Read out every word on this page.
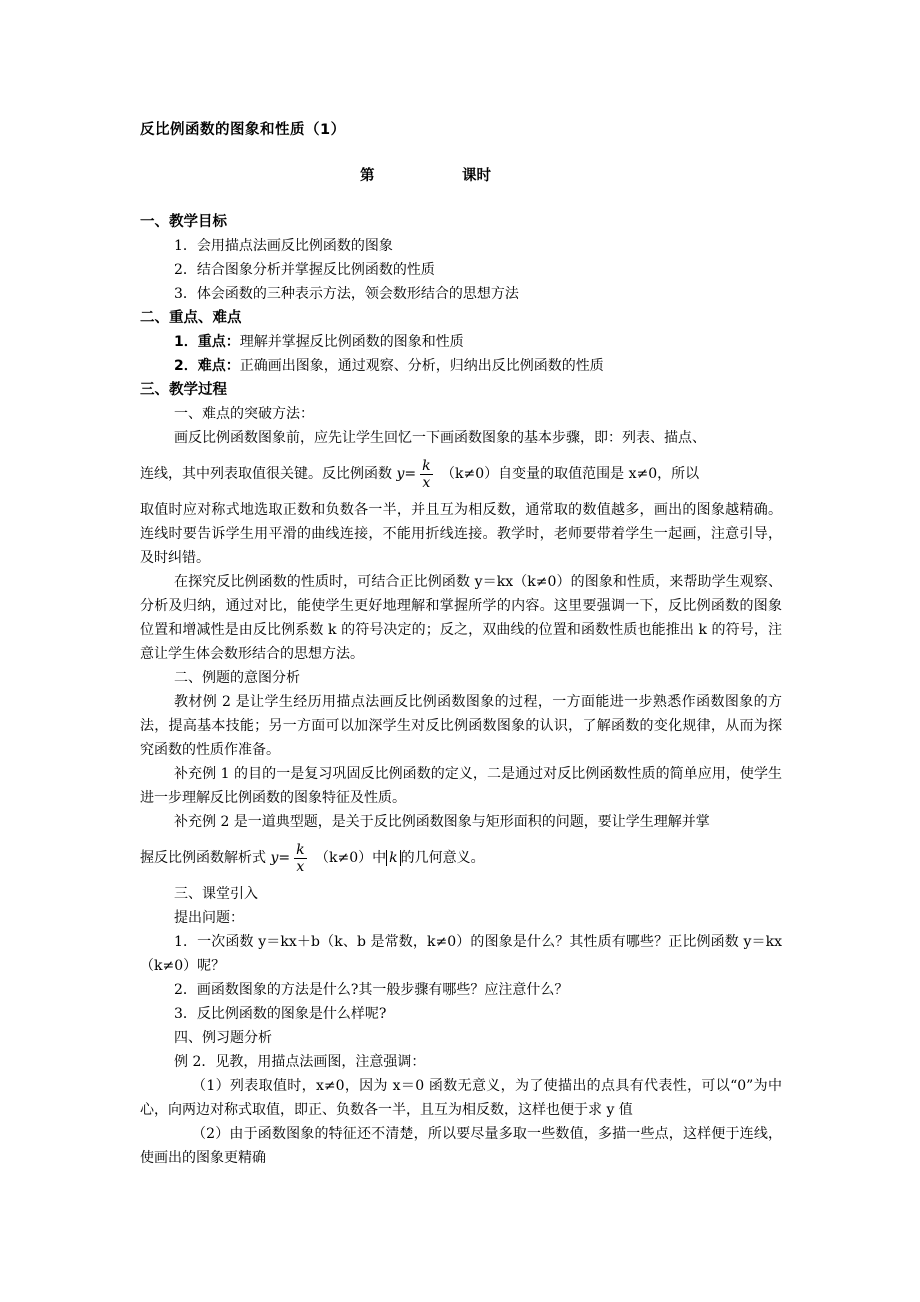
反比例函数的图象和性质（1）
第	课时
一、教学目标
1．会用描点法画反比例函数的图象
2．结合图象分析并掌握反比例函数的性质
3．体会函数的三种表示方法，领会数形结合的思想方法
二、重点、难点
1．重点：理解并掌握反比例函数的图象和性质
2．难点：正确画出图象，通过观察、分析，归纳出反比例函数的性质
三、教学过程
一、难点的突破方法：
画反比例函数图象前，应先让学生回忆一下画函数图象的基本步骤，即：列表、描点、
连线，其中列表取值很关键。反比例函数 $y= \frac{k}{x} (k\ne 0)$自变量的取值范围是 x≠0，所以

取值时应对称式地选取正数和负数各一半，并且互为相反数，通常取的数值越多，画出的图象越精确。连线时要告诉学生用平滑的曲线连接，不能用折线连接。教学时，老师要带着学生一起画，注意引导，及时纠错。

在探究反比例函数的性质时，可结合正比例函数 y＝kx（k≠0）的图象和性质，来帮助学生观察、分析及归纳，通过对比，能使学生更好地理解和掌握所学的内容。这里要强调一下，反比例函数的图象位置和增减性是由反比例系数 k 的符号决定的；反之，双曲线的位置和函数性质也能推出 k 的符号，注意让学生体会数形结合的思想方法。

二、例题的意图分析

教材例 2 是让学生经历用描点法画反比例函数图象的过程，一方面能进一步熟悉作函数图象的方法，提高基本技能；另一方面可以加深学生对反比例函数图象的认识，了解函数的变化规律，从而为探究函数的性质作准备。

补充例 1 的目的一是复习巩固反比例函数的定义，二是通过对反比例函数性质的简单应用，使学生进一步理解反比例函数的图象特征及性质。

补充例 2 是一道典型题，是关于反比例函数图象与矩形面积的问题，要让学生理解并掌
握反比例函数解析式 $y= \frac{k}{x} (k\ne 0)$中 k 的几何意义。
三、课堂引入
提出问题：

1．一次函数 y＝kx＋b（k、b 是常数，k≠0）的图象是什么？其性质有哪些？正比例函数 y＝kx（k≠0）呢？

2．画函数图象的方法是什么?其一般步骤有哪些？应注意什么？
3．反比例函数的图象是什么样呢?
四、例习题分析
例 2．见教，用描点法画图，注意强调：

（1）列表取值时，x≠0，因为 x＝0 函数无意义，为了使描出的点具有代表性，可以“0”为中心，向两边对称式取值，即正、负数各一半，且互为相反数，这样也便于求 y 值

（2）由于函数图象的特征还不清楚，所以要尽量多取一些数值，多描一些点，这样便于连线，使画出的图象更精确
